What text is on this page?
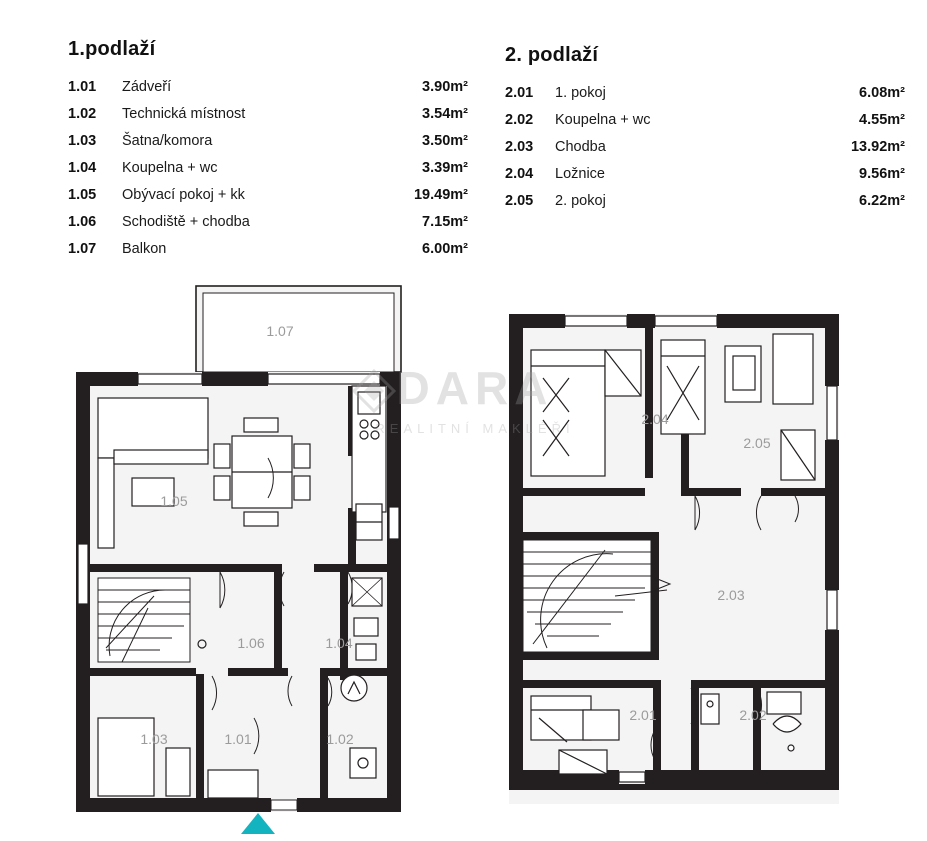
1.podlaží
1.01	Zádveří	3.90m²
1.02	Technická místnost	3.54m²
1.03	Šatna/komora	3.50m²
1.04	Koupelna + wc	3.39m²
1.05	Obývací pokoj + kk	19.49m²
1.06	Schodiště + chodba	7.15m²
1.07	Balkon	6.00m²
2. podlaží
2.01	1. pokoj	6.08m²
2.02	Koupelna + wc	4.55m²
2.03	Chodba	13.92m²
2.04	Ložnice	9.56m²
2.05	2. pokoj	6.22m²
1.07
1.05
1.06	1.04
1.03	1.01	1.02
2.04
2.05
2.03
2.01	2.02
DARA
REALITNÍ MAKLÉŘI
